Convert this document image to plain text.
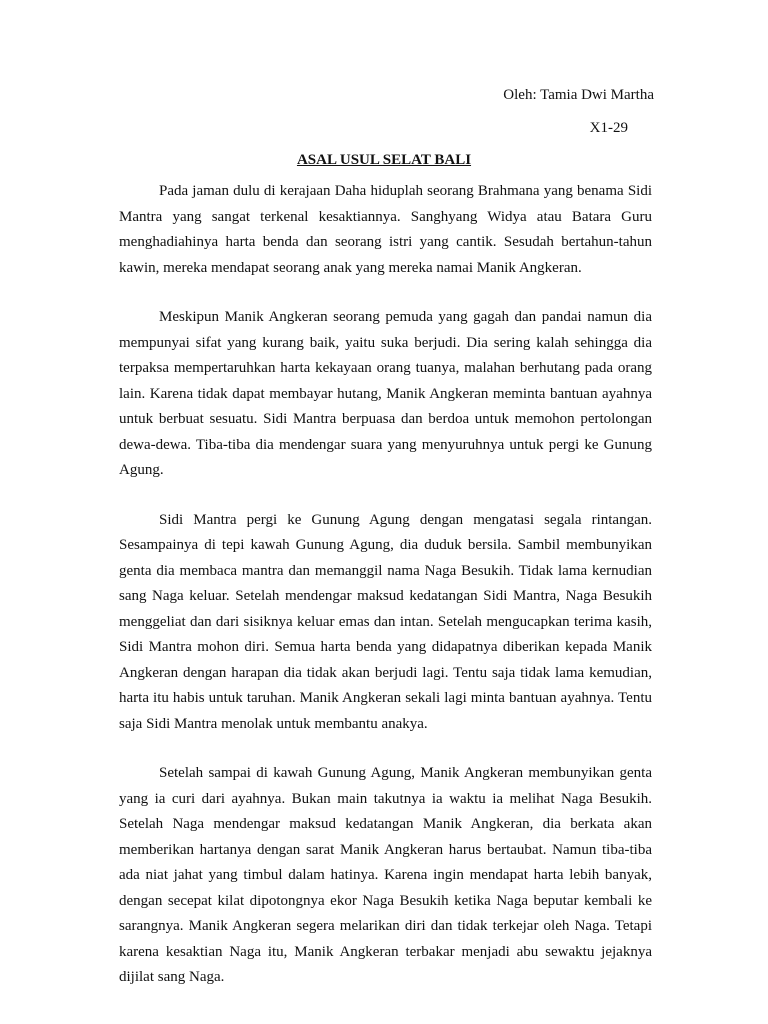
Oleh: Tamia Dwi Martha
X1-29
ASAL USUL SELAT BALI

Pada jaman dulu di kerajaan Daha hiduplah seorang Brahmana yang benama Sidi Mantra yang sangat terkenal kesaktiannya. Sanghyang Widya atau Batara Guru menghadiahinya harta benda dan seorang istri yang cantik. Sesudah bertahun-tahun kawin, mereka mendapat seorang anak yang mereka namai Manik Angkeran.

Meskipun Manik Angkeran seorang pemuda yang gagah dan pandai namun dia mempunyai sifat yang kurang baik, yaitu suka berjudi. Dia sering kalah sehingga dia terpaksa mempertaruhkan harta kekayaan orang tuanya, malahan berhutang pada orang lain. Karena tidak dapat membayar hutang, Manik Angkeran meminta bantuan ayahnya untuk berbuat sesuatu. Sidi Mantra berpuasa dan berdoa untuk memohon pertolongan dewa-dewa. Tiba-tiba dia mendengar suara yang menyuruhnya untuk pergi ke Gunung Agung.

Sidi Mantra pergi ke Gunung Agung dengan mengatasi segala rintangan. Sesampainya di tepi kawah Gunung Agung, dia duduk bersila. Sambil membunyikan genta dia membaca mantra dan memanggil nama Naga Besukih. Tidak lama kernudian sang Naga keluar. Setelah mendengar maksud kedatangan Sidi Mantra, Naga Besukih menggeliat dan dari sisiknya keluar emas dan intan. Setelah mengucapkan terima kasih, Sidi Mantra mohon diri. Semua harta benda yang didapatnya diberikan kepada Manik Angkeran dengan harapan dia tidak akan berjudi lagi. Tentu saja tidak lama kemudian, harta itu habis untuk taruhan. Manik Angkeran sekali lagi minta bantuan ayahnya. Tentu saja Sidi Mantra menolak untuk membantu anakya.

Setelah sampai di kawah Gunung Agung, Manik Angkeran membunyikan genta yang ia curi dari ayahnya. Bukan main takutnya ia waktu ia melihat Naga Besukih. Setelah Naga mendengar maksud kedatangan Manik Angkeran, dia berkata akan memberikan hartanya dengan sarat Manik Angkeran harus bertaubat. Namun tiba-tiba ada niat jahat yang timbul dalam hatinya. Karena ingin mendapat harta lebih banyak, dengan secepat kilat dipotongnya ekor Naga Besukih ketika Naga beputar kembali ke sarangnya. Manik Angkeran segera melarikan diri dan tidak terkejar oleh Naga. Tetapi karena kesaktian Naga itu, Manik Angkeran terbakar menjadi abu sewaktu jejaknya dijilat sang Naga.
